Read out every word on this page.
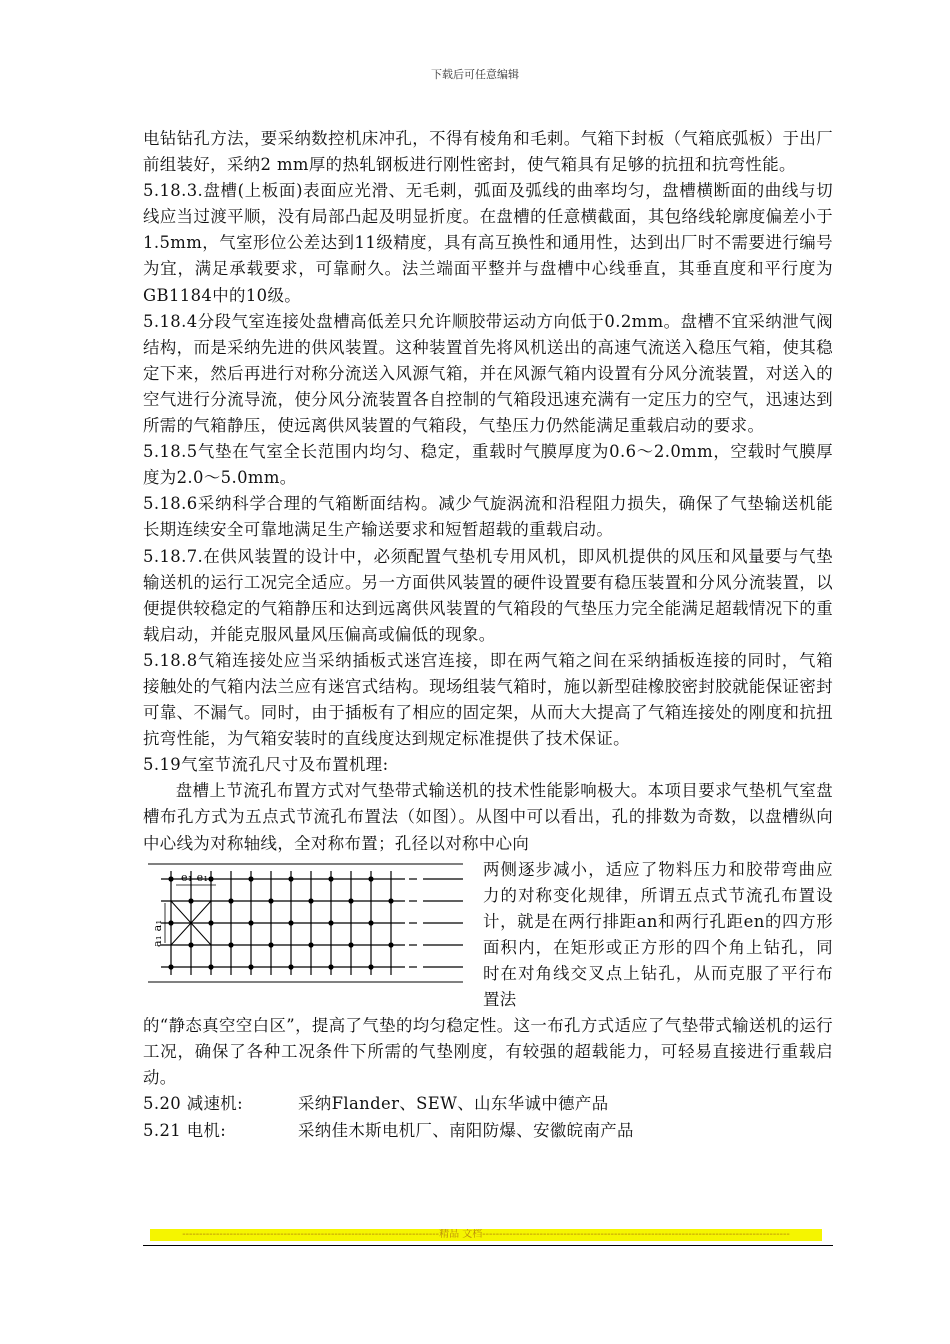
下载后可任意编辑

电钻钻孔方法，要采纳数控机床冲孔，不得有棱角和毛刺。气箱下封板（气箱底弧板）于出厂前组装好，采纳2 mm厚的热轧钢板进行刚性密封，使气箱具有足够的抗扭和抗弯性能。

5.18.3.盘槽(上板面)表面应光滑、无毛刺，弧面及弧线的曲率均匀，盘槽横断面的曲线与切线应当过渡平顺，没有局部凸起及明显折度。在盘槽的任意横截面，其包络线轮廓度偏差小于1.5mm，气室形位公差达到11级精度，具有高互换性和通用性，达到出厂时不需要进行编号为宜，满足承载要求，可靠耐久。法兰端面平整并与盘槽中心线垂直，其垂直度和平行度为GB1184中的10级。

5.18.4分段气室连接处盘槽高低差只允许顺胶带运动方向低于0.2mm。盘槽不宜采纳泄气阀结构，而是采纳先进的供风装置。这种装置首先将风机送出的高速气流送入稳压气箱，使其稳定下来，然后再进行对称分流送入风源气箱，并在风源气箱内设置有分风分流装置，对送入的空气进行分流导流，使分风分流装置各自控制的气箱段迅速充满有一定压力的空气，迅速达到所需的气箱静压，使远离供风装置的气箱段，气垫压力仍然能满足重载启动的要求。

5.18.5气垫在气室全长范围内均匀、稳定，重载时气膜厚度为0.6～2.0mm，空载时气膜厚度为2.0～5.0mm。

5.18.6采纳科学合理的气箱断面结构。减少气旋涡流和沿程阻力损失，确保了气垫输送机能长期连续安全可靠地满足生产输送要求和短暂超载的重载启动。

5.18.7.在供风装置的设计中，必须配置气垫机专用风机，即风机提供的风压和风量要与气垫输送机的运行工况完全适应。另一方面供风装置的硬件设置要有稳压装置和分风分流装置，以便提供较稳定的气箱静压和达到远离供风装置的气箱段的气垫压力完全能满足超载情况下的重载启动，并能克服风量风压偏高或偏低的现象。

5.18.8气箱连接处应当采纳插板式迷宫连接，即在两气箱之间在采纳插板连接的同时，气箱接触处的气箱内法兰应有迷宫式结构。现场组装气箱时，施以新型硅橡胶密封胶就能保证密封可靠、不漏气。同时，由于插板有了相应的固定架，从而大大提高了气箱连接处的刚度和抗扭抗弯性能，为气箱安装时的直线度达到规定标准提供了技术保证。

5.19气室节流孔尺寸及布置机理:

盘槽上节流孔布置方式对气垫带式输送机的技术性能影响极大。本项目要求气垫机气室盘槽布孔方式为五点式节流孔布置法（如图）。从图中可以看出，孔的排数为奇数，以盘槽纵向中心线为对称轴线，全对称布置；孔径以对称中心向

e₁ e₁
a₁ a₁

两侧逐步减小，适应了物料压力和胶带弯曲应力的对称变化规律，所谓五点式节流孔布置设计，就是在两行排距an和两行孔距en的四方形面积内，在矩形或正方形的四个角上钻孔，同时在对角线交叉点上钻孔，从而克服了平行布置法

的“静态真空空白区”，提高了气垫的均匀稳定性。这一布孔方式适应了气垫带式输送机的运行工况，确保了各种工况条件下所需的气垫刚度，有较强的超载能力，可轻易直接进行重载启动。

5.20 减速机:	采纳Flander、SEW、山东华诚中德产品
5.21 电机:	采纳佳木斯电机厂、南阳防爆、安徽皖南产品
----------------------------------------------------------------------------精品 文档-------------------------------------------------------------------------------------------
